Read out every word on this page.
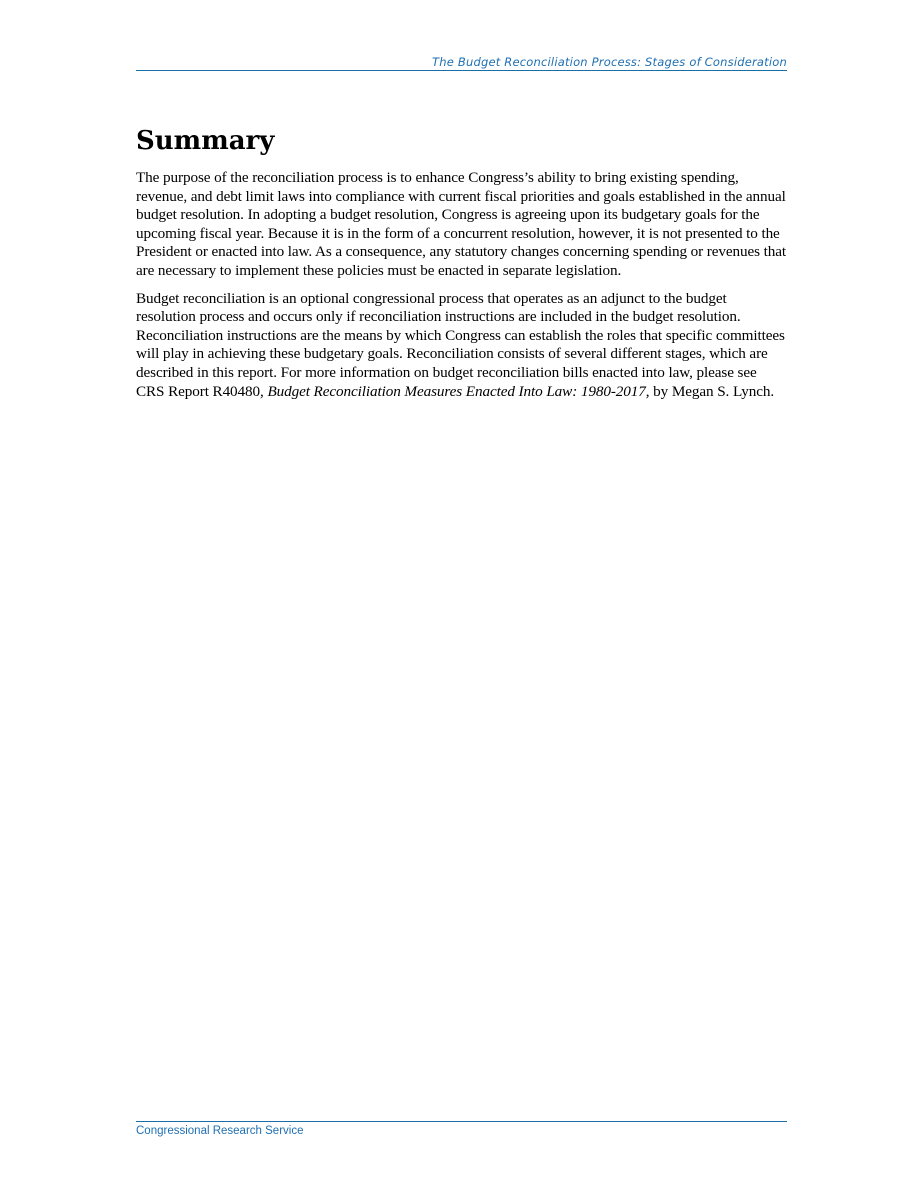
The Budget Reconciliation Process: Stages of Consideration
Summary

The purpose of the reconciliation process is to enhance Congress’s ability to bring existing spending, revenue, and debt limit laws into compliance with current fiscal priorities and goals established in the annual budget resolution. In adopting a budget resolution, Congress is agreeing upon its budgetary goals for the upcoming fiscal year. Because it is in the form of a concurrent resolution, however, it is not presented to the President or enacted into law. As a consequence, any statutory changes concerning spending or revenues that are necessary to implement these policies must be enacted in separate legislation.

Budget reconciliation is an optional congressional process that operates as an adjunct to the budget resolution process and occurs only if reconciliation instructions are included in the budget resolution. Reconciliation instructions are the means by which Congress can establish the roles that specific committees will play in achieving these budgetary goals. Reconciliation consists of several different stages, which are described in this report. For more information on budget reconciliation bills enacted into law, please see CRS Report R40480, Budget Reconciliation Measures Enacted Into Law: 1980-2017, by Megan S. Lynch.

Congressional Research Service
